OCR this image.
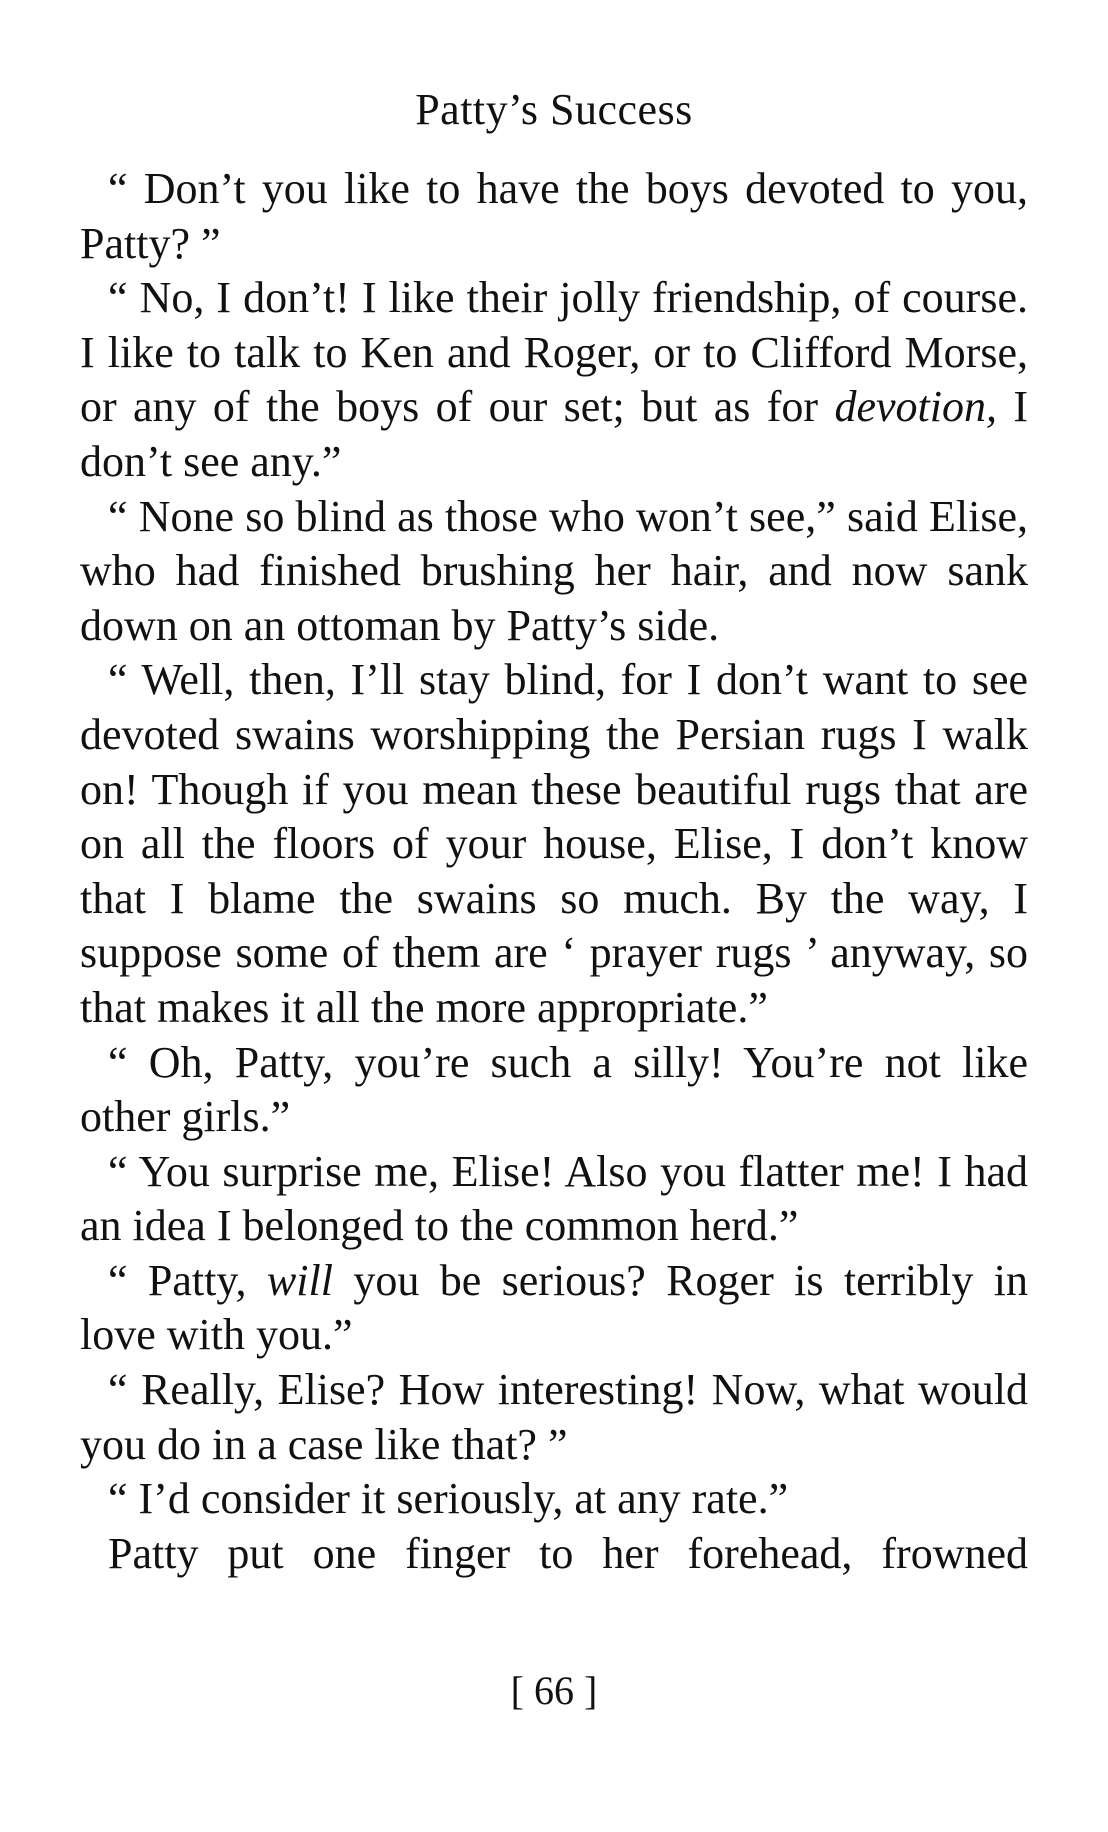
Patty’s Success

“ Don’t you like to have the boys devoted to you, Patty? ”

“ No, I don’t! I like their jolly friendship, of course. I like to talk to Ken and Roger, or to Clifford Morse, or any of the boys of our set; but as for devotion, I don’t see any.”

“ None so blind as those who won’t see,” said Elise, who had finished brushing her hair, and now sank down on an ottoman by Patty’s side.

“ Well, then, I’ll stay blind, for I don’t want to see devoted swains worshipping the Persian rugs I walk on! Though if you mean these beautiful rugs that are on all the floors of your house, Elise, I don’t know that I blame the swains so much. By the way, I suppose some of them are ‘ prayer rugs ’ anyway, so that makes it all the more appropriate.”

“ Oh, Patty, you’re such a silly! You’re not like other girls.”

“ You surprise me, Elise! Also you flatter me! I had an idea I belonged to the common herd.”

“ Patty, will you be serious? Roger is terribly in love with you.”

“ Really, Elise? How interesting! Now, what would you do in a case like that? ”

“ I’d consider it seriously, at any rate.”

Patty put one finger to her forehead, frowned

[ 66 ]
